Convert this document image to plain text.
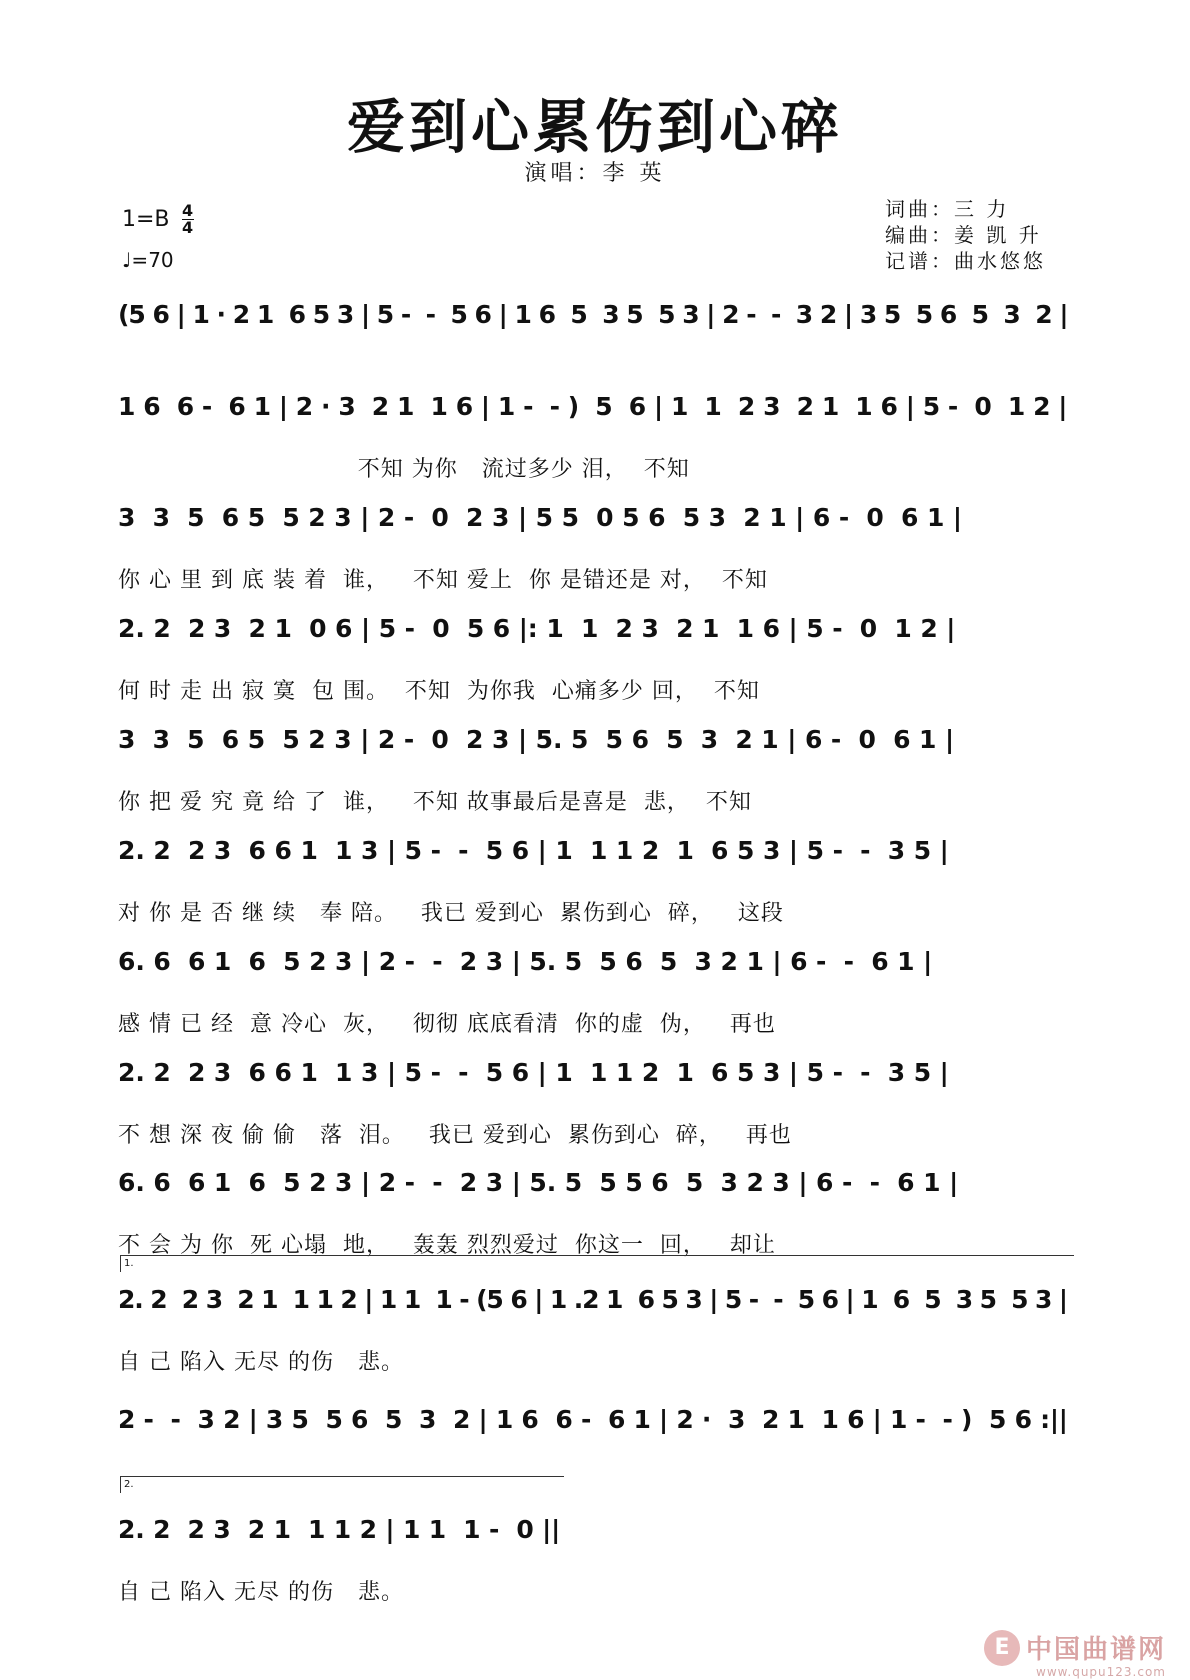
爱到心累伤到心碎
演唱：李 英
$1=B \frac{4}{4}$
♩=70
词曲：三 力
编曲：姜 凯 升
记谱：曲水悠悠
(5 6 | 1 · 2 1  6 5 3 | 5 -  -  5 6 | 1 6  5  3 5  5 3 | 2 -  -  3 2 | 3 5  5 6  5  3  2 |
1 6  6 -  6 1 | 2 · 3  2 1  1 6 | 1 -  - )  5  6 | 1  1  2 3  2 1  1 6 | 5 -  0  1 2 |
不知 为你   流过多少 泪，  不知
3  3  5  6 5  5 2 3 | 2 -  0  2 3 | 5 5  0 5 6  5 3  2 1 | 6 -  0  6 1 |
你 心 里 到 底 装 着  谁，   不知 爱上  你 是错还是 对，  不知
2. 2  2 3  2 1  0 6 | 5 -  0  5 6 |: 1  1  2 3  2 1  1 6 | 5 -  0  1 2 |
何 时 走 出 寂 寞  包 围。  不知  为你我  心痛多少 回，  不知
3  3  5  6 5  5 2 3 | 2 -  0  2 3 | 5. 5  5 6  5  3  2 1 | 6 -  0  6 1 |
你 把 爱 究 竟 给 了  谁，   不知 故事最后是喜是  悲，  不知
2. 2  2 3  6 6 1  1 3 | 5 -  -  5 6 | 1  1 1 2  1  6 5 3 | 5 -  -  3 5 |
对 你 是 否 继 续   奉 陪。   我已 爱到心  累伤到心  碎，   这段
6. 6  6 1  6  5 2 3 | 2 -  -  2 3 | 5. 5  5 6  5  3 2 1 | 6 -  -  6 1 |
感 情 已 经  意 冷心  灰，   彻彻 底底看清  你的虚  伪，   再也
2. 2  2 3  6 6 1  1 3 | 5 -  -  5 6 | 1  1 1 2  1  6 5 3 | 5 -  -  3 5 |
不 想 深 夜 偷 偷   落  泪。   我已 爱到心  累伤到心  碎，   再也
6. 6  6 1  6  5 2 3 | 2 -  -  2 3 | 5. 5  5 5 6  5  3 2 3 | 6 -  -  6 1 |
不 会 为 你  死 心塌  地，   轰轰 烈烈爱过  你这一  回，   却让
2. 2  2 3  2 1  1 1 2 | 1 1  1 - (5 6 | 1 .2 1  6 5 3 | 5 -  -  5 6 | 1  6  5  3 5  5 3 |
自 己 陷入 无尽 的伤   悲。
2 -  -  3 2 | 3 5  5 6  5  3  2 | 1 6  6 -  6 1 | 2 ·  3  2 1  1 6 | 1 -  - )  5 6 :||
2. 2  2 3  2 1  1 1 2 | 1 1  1 -  0 ||
自 己 陷入 无尽 的伤   悲。
1.
2.
E 中国曲谱网
www.qupu123.com
